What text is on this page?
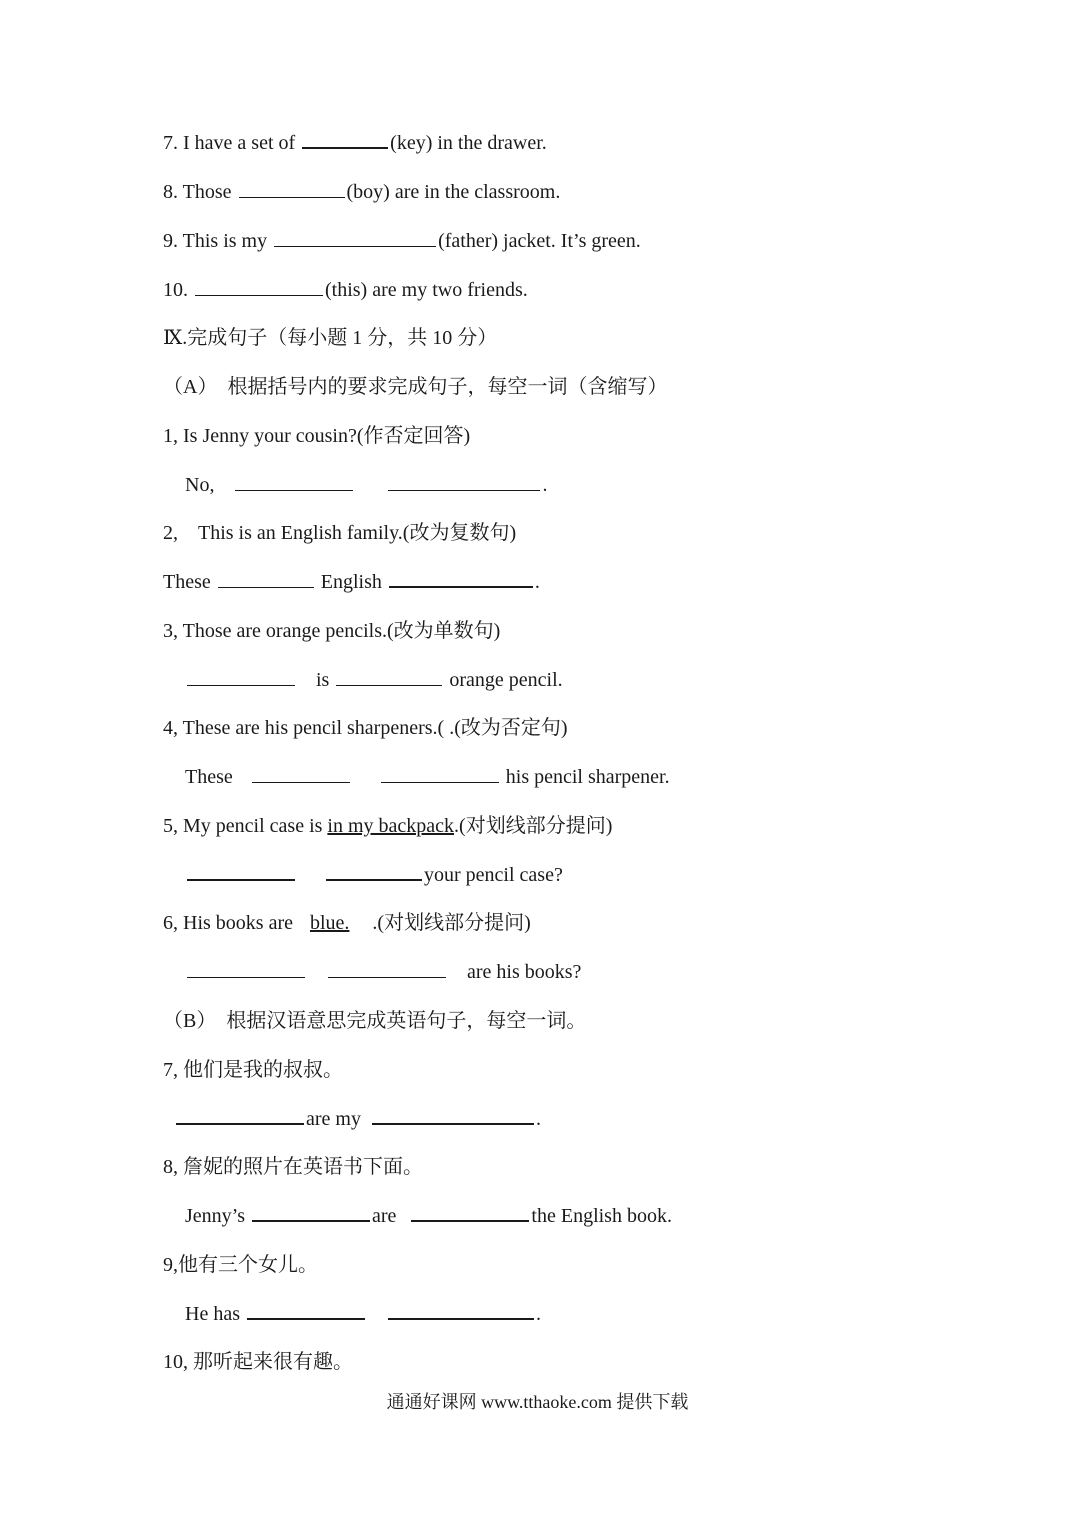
7. I have a set of	(key) in the drawer.
8. Those	(boy) are in the classroom.
9. This is my	(father) jacket. It’s green.
10.	(this) are my two friends.
Ⅸ.完成句子（每小题 1 分，共 10 分）
（A）　根据括号内的要求完成句子，每空一词（含缩写）
1, Is Jenny your cousin?(作否定回答)
No,	.
2,　This is an English family.(改为复数句)
These	English	.
3, Those are orange pencils.(改为单数句)
is	orange pencil.
4, These are his pencil sharpeners.( .(改为否定句)
These	his pencil sharpener.
5, My pencil case is in my backpack.(对划线部分提问)
your pencil case?
6, His books are blue. .(对划线部分提问)
are his books?
（B）　根据汉语意思完成英语句子，每空一词。
7, 他们是我的叔叔。
are my	.
8, 詹妮的照片在英语书下面。
Jenny’s	are	the English book.
9,他有三个女儿。
He has	.
10, 那听起来很有趣。
通通好课网 www.tthaoke.com 提供下载
